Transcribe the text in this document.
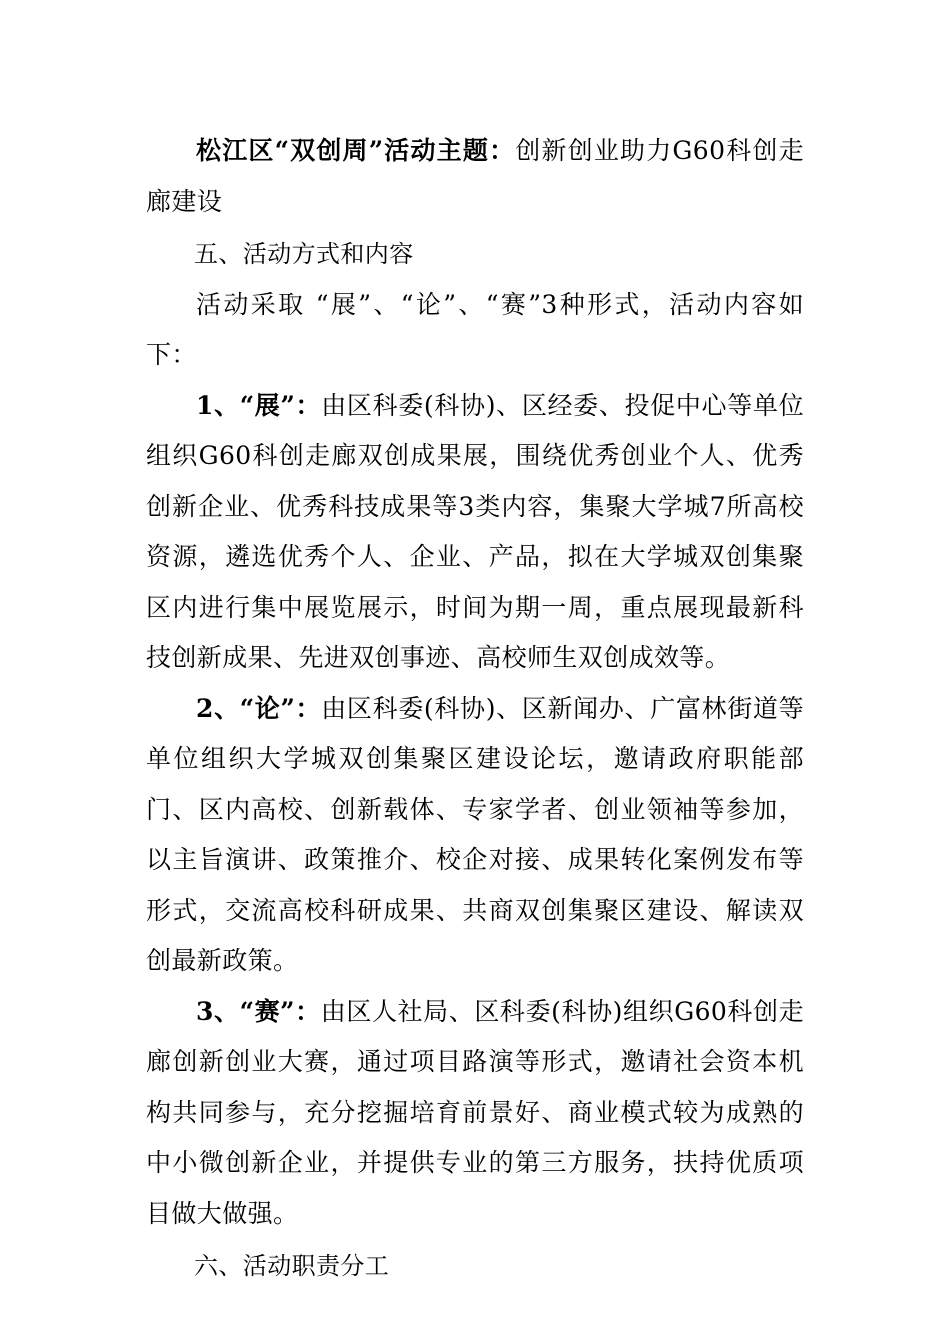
松江区“双创周”活动主题：创新创业助力G60科创走廊建设

五、活动方式和内容

活动采取 “展”、“论”、“赛”3种形式，活动内容如下：

1、“展”：由区科委(科协)、区经委、投促中心等单位组织G60科创走廊双创成果展，围绕优秀创业个人、优秀创新企业、优秀科技成果等3类内容，集聚大学城7所高校资源，遴选优秀个人、企业、产品，拟在大学城双创集聚区内进行集中展览展示，时间为期一周，重点展现最新科技创新成果、先进双创事迹、高校师生双创成效等。

2、“论”：由区科委(科协)、区新闻办、广富林街道等单位组织大学城双创集聚区建设论坛，邀请政府职能部门、区内高校、创新载体、专家学者、创业领袖等参加，以主旨演讲、政策推介、校企对接、成果转化案例发布等形式，交流高校科研成果、共商双创集聚区建设、解读双创最新政策。

3、“赛”：由区人社局、区科委(科协)组织G60科创走廊创新创业大赛，通过项目路演等形式，邀请社会资本机构共同参与，充分挖掘培育前景好、商业模式较为成熟的中小微创新企业，并提供专业的第三方服务，扶持优质项目做大做强。

六、活动职责分工
